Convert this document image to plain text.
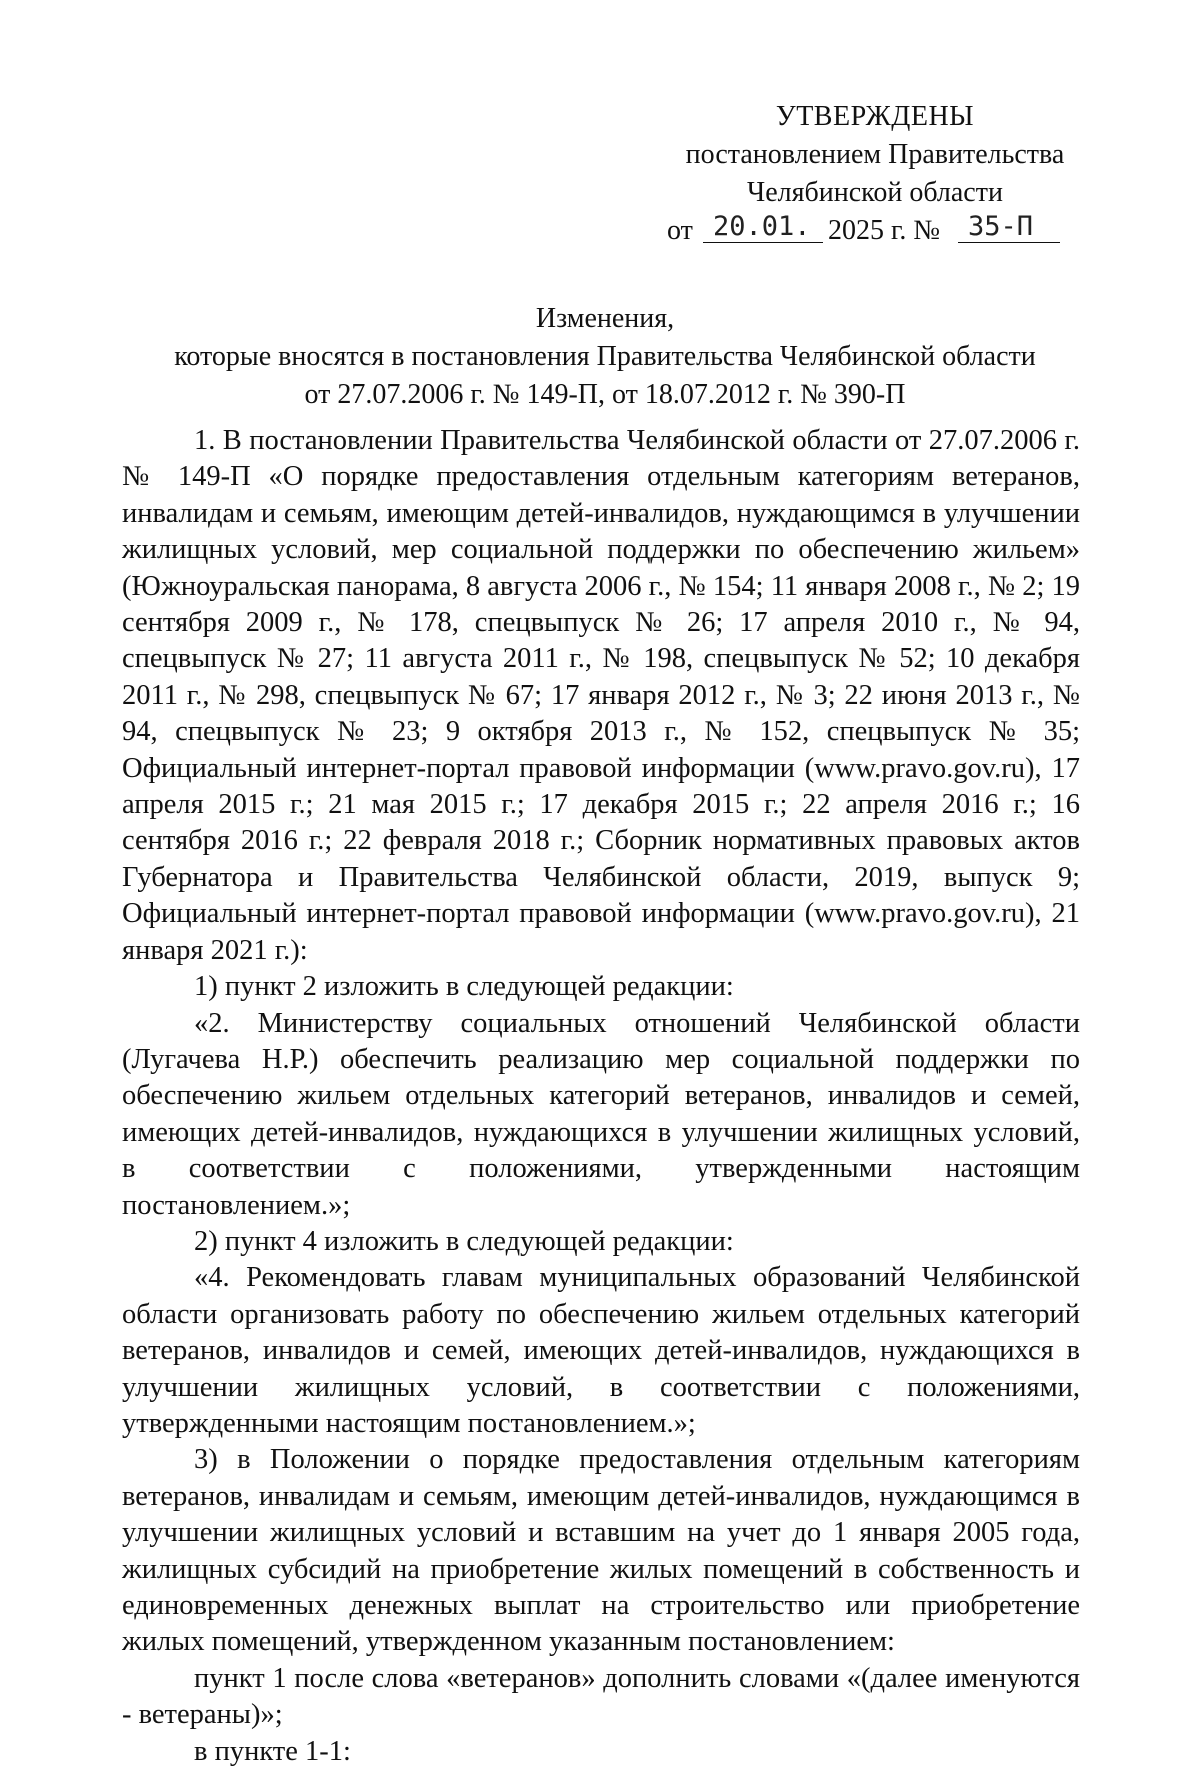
УТВЕРЖДЕНЫ
постановлением Правительства
Челябинской области
от 20.01. 2025 г. № 35-П
Изменения,
которые вносятся в постановления Правительства Челябинской области
от 27.07.2006 г. № 149-П, от 18.07.2012 г. № 390-П

1. В постановлении Правительства Челябинской области от 27.07.2006 г. № 149-П «О порядке предоставления отдельным категориям ветеранов, инвалидам и семьям, имеющим детей-инвалидов, нуждающимся в улучшении жилищных условий, мер социальной поддержки по обеспечению жильем» (Южноуральская панорама, 8 августа 2006 г., № 154; 11 января 2008 г., № 2; 19 сентября 2009 г., № 178, спецвыпуск № 26; 17 апреля 2010 г., № 94, спецвыпуск № 27; 11 августа 2011 г., № 198, спецвыпуск № 52; 10 декабря 2011 г., № 298, спецвыпуск № 67; 17 января 2012 г., № 3; 22 июня 2013 г., № 94, спецвыпуск № 23; 9 октября 2013 г., № 152, спецвыпуск № 35; Официальный интернет-портал правовой информации (www.pravo.gov.ru), 17 апреля 2015 г.; 21 мая 2015 г.; 17 декабря 2015 г.; 22 апреля 2016 г.; 16 сентября 2016 г.; 22 февраля 2018 г.; Сборник нормативных правовых актов Губернатора и Правительства Челябинской области, 2019, выпуск 9; Официальный интернет-портал правовой информации (www.pravo.gov.ru), 21 января 2021 г.):

1) пункт 2 изложить в следующей редакции:

«2. Министерству социальных отношений Челябинской области (Лугачева Н.Р.) обеспечить реализацию мер социальной поддержки по обеспечению жильем отдельных категорий ветеранов, инвалидов и семей, имеющих детей-инвалидов, нуждающихся в улучшении жилищных условий, в соответствии с положениями, утвержденными настоящим постановлением.»;

2) пункт 4 изложить в следующей редакции:

«4. Рекомендовать главам муниципальных образований Челябинской области организовать работу по обеспечению жильем отдельных категорий ветеранов, инвалидов и семей, имеющих детей-инвалидов, нуждающихся в улучшении жилищных условий, в соответствии с положениями, утвержденными настоящим постановлением.»;

3) в Положении о порядке предоставления отдельным категориям ветеранов, инвалидам и семьям, имеющим детей-инвалидов, нуждающимся в улучшении жилищных условий и вставшим на учет до 1 января 2005 года, жилищных субсидий на приобретение жилых помещений в собственность и единовременных денежных выплат на строительство или приобретение жилых помещений, утвержденном указанным постановлением:

пункт 1 после слова «ветеранов» дополнить словами «(далее именуются - ветераны)»;

в пункте 1-1:
